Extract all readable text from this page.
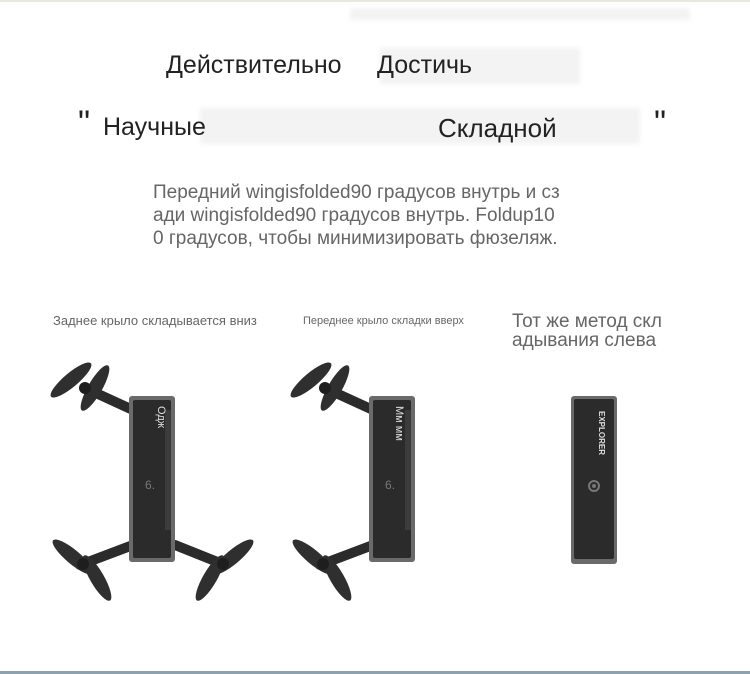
Действительно Достичь
" Научные	Складной	"
Передний wingisfolded90 градусов внутрь и сз
ади wingisfolded90 градусов внутрь. Foldup10
0 градусов, чтобы минимизировать фюзеляж.
Заднее крыло складывается вниз	Переднее крыло складки вверх	Тот же метод скл
адывания слева
Одж
6.
Мм мм
6.
EXPLORER
